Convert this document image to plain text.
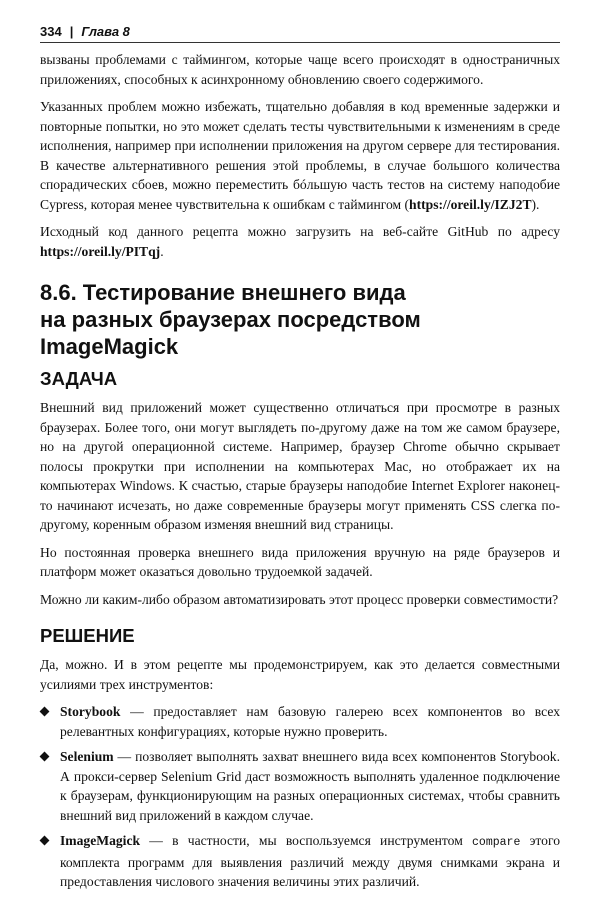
334 | Глава 8

вызваны проблемами с таймингом, которые чаще всего происходят в одностраничных приложениях, способных к асинхронному обновлению своего содержимого.

Указанных проблем можно избежать, тщательно добавляя в код временные задержки и повторные попытки, но это может сделать тесты чувствительными к изменениям в среде исполнения, например при исполнении приложения на другом сервере для тестирования. В качестве альтернативного решения этой проблемы, в случае большого количества спорадических сбоев, можно переместить бóльшую часть тестов на систему наподобие Cypress, которая менее чувствительна к ошибкам с таймингом (https://oreil.ly/IZJ2T).

Исходный код данного рецепта можно загрузить на веб-сайте GitHub по адресу https://oreil.ly/PITqj.

8.6. Тестирование внешнего вида
на разных браузерах посредством ImageMagick
ЗАДАЧА

Внешний вид приложений может существенно отличаться при просмотре в разных браузерах. Более того, они могут выглядеть по-другому даже на том же самом браузере, но на другой операционной системе. Например, браузер Chrome обычно скрывает полосы прокрутки при исполнении на компьютерах Mac, но отображает их на компьютерах Windows. К счастью, старые браузеры наподобие Internet Explorer наконец-то начинают исчезать, но даже современные браузеры могут применять CSS слегка по-другому, коренным образом изменяя внешний вид страницы.

Но постоянная проверка внешнего вида приложения вручную на ряде браузеров и платформ может оказаться довольно трудоемкой задачей.

Можно ли каким-либо образом автоматизировать этот процесс проверки совместимости?

РЕШЕНИЕ

Да, можно. И в этом рецепте мы продемонстрируем, как это делается совместными усилиями трех инструментов:

Storybook — предоставляет нам базовую галерею всех компонентов во всех релевантных конфигурациях, которые нужно проверить.
Selenium — позволяет выполнять захват внешнего вида всех компонентов Storybook. А прокси-сервер Selenium Grid даст возможность выполнять удаленное подключение к браузерам, функционирующим на разных операционных системах, чтобы сравнить внешний вид приложений в каждом случае.
ImageMagick — в частности, мы воспользуемся инструментом compare этого комплекта программ для выявления различий между двумя снимками экрана и предоставления числового значения величины этих различий.
